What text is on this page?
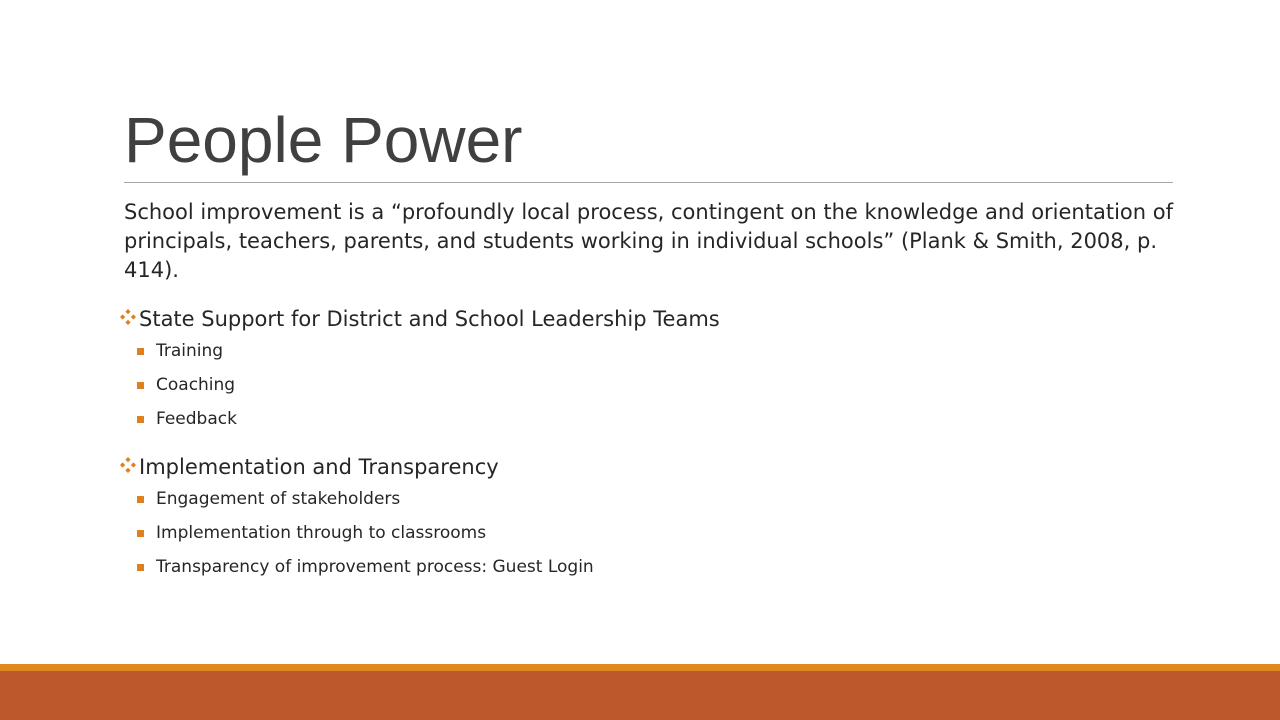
People Power
School improvement is a “profoundly local process, contingent on the knowledge and orientation of principals, teachers, parents, and students working in individual schools” (Plank & Smith, 2008, p. 414).
State Support for District and School Leadership Teams
Training
Coaching
Feedback
Implementation and Transparency
Engagement of stakeholders
Implementation through to classrooms
Transparency of improvement process: Guest Login
